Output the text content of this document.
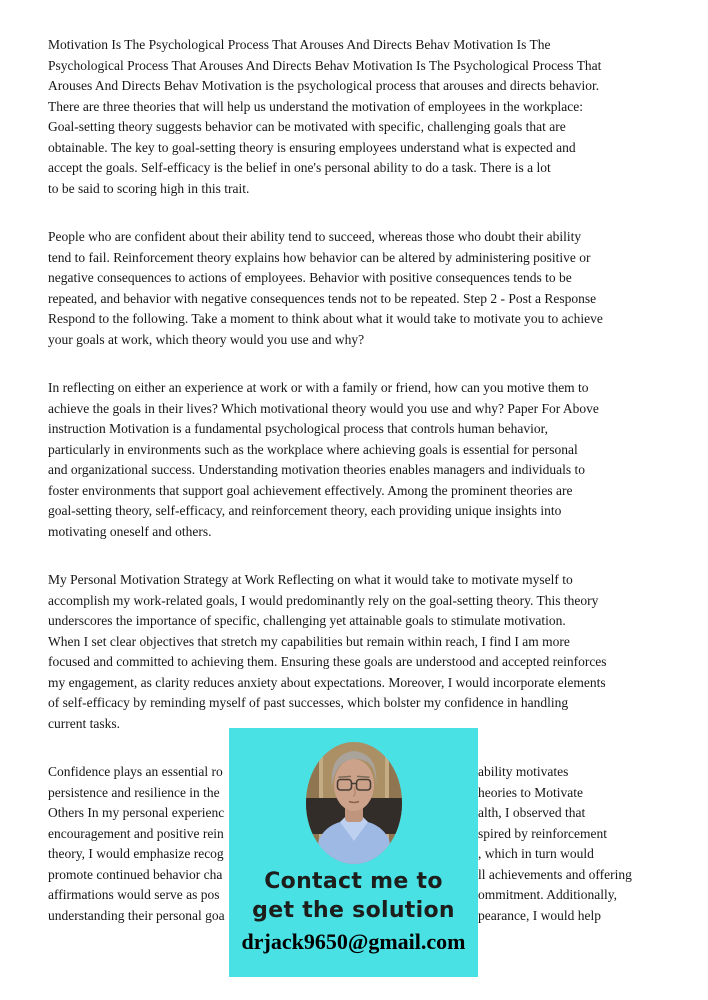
Motivation Is The Psychological Process That Arouses And Directs Behav Motivation Is The
Psychological Process That Arouses And Directs Behav Motivation Is The Psychological Process That
Arouses And Directs Behav Motivation is the psychological process that arouses and directs behavior.
There are three theories that will help us understand the motivation of employees in the workplace:
Goal-setting theory suggests behavior can be motivated with specific, challenging goals that are
obtainable. The key to goal-setting theory is ensuring employees understand what is expected and
accept the goals. Self-efficacy is the belief in one's personal ability to do a task. There is a lot
to be said to scoring high in this trait.
People who are confident about their ability tend to succeed, whereas those who doubt their ability
tend to fail. Reinforcement theory explains how behavior can be altered by administering positive or
negative consequences to actions of employees. Behavior with positive consequences tends to be
repeated, and behavior with negative consequences tends not to be repeated. Step 2 - Post a Response
Respond to the following. Take a moment to think about what it would take to motivate you to achieve
your goals at work, which theory would you use and why?
In reflecting on either an experience at work or with a family or friend, how can you motive them to
achieve the goals in their lives? Which motivational theory would you use and why? Paper For Above
instruction Motivation is a fundamental psychological process that controls human behavior,
particularly in environments such as the workplace where achieving goals is essential for personal
and organizational success. Understanding motivation theories enables managers and individuals to
foster environments that support goal achievement effectively. Among the prominent theories are
goal-setting theory, self-efficacy, and reinforcement theory, each providing unique insights into
motivating oneself and others.
My Personal Motivation Strategy at Work Reflecting on what it would take to motivate myself to
accomplish my work-related goals, I would predominantly rely on the goal-setting theory. This theory
underscores the importance of specific, challenging yet attainable goals to stimulate motivation.
When I set clear objectives that stretch my capabilities but remain within reach, I find I am more
focused and committed to achieving them. Ensuring these goals are understood and accepted reinforces
my engagement, as clarity reduces anxiety about expectations. Moreover, I would incorporate elements
of self-efficacy by reminding myself of past successes, which bolster my confidence in handling
current tasks.
Confidence plays an essential ro	ability motivates
persistence and resilience in the	heories to Motivate
Others In my personal experienc	alth, I observed that
encouragement and positive rein	spired by reinforcement
theory, I would emphasize recog	, which in turn would
promote continued behavior cha	ll achievements and offering
affirmations would serve as pos	ommitment. Additionally,
understanding their personal goa	pearance, I would help
Contact me to
get the solution
drjack9650@gmail.com
